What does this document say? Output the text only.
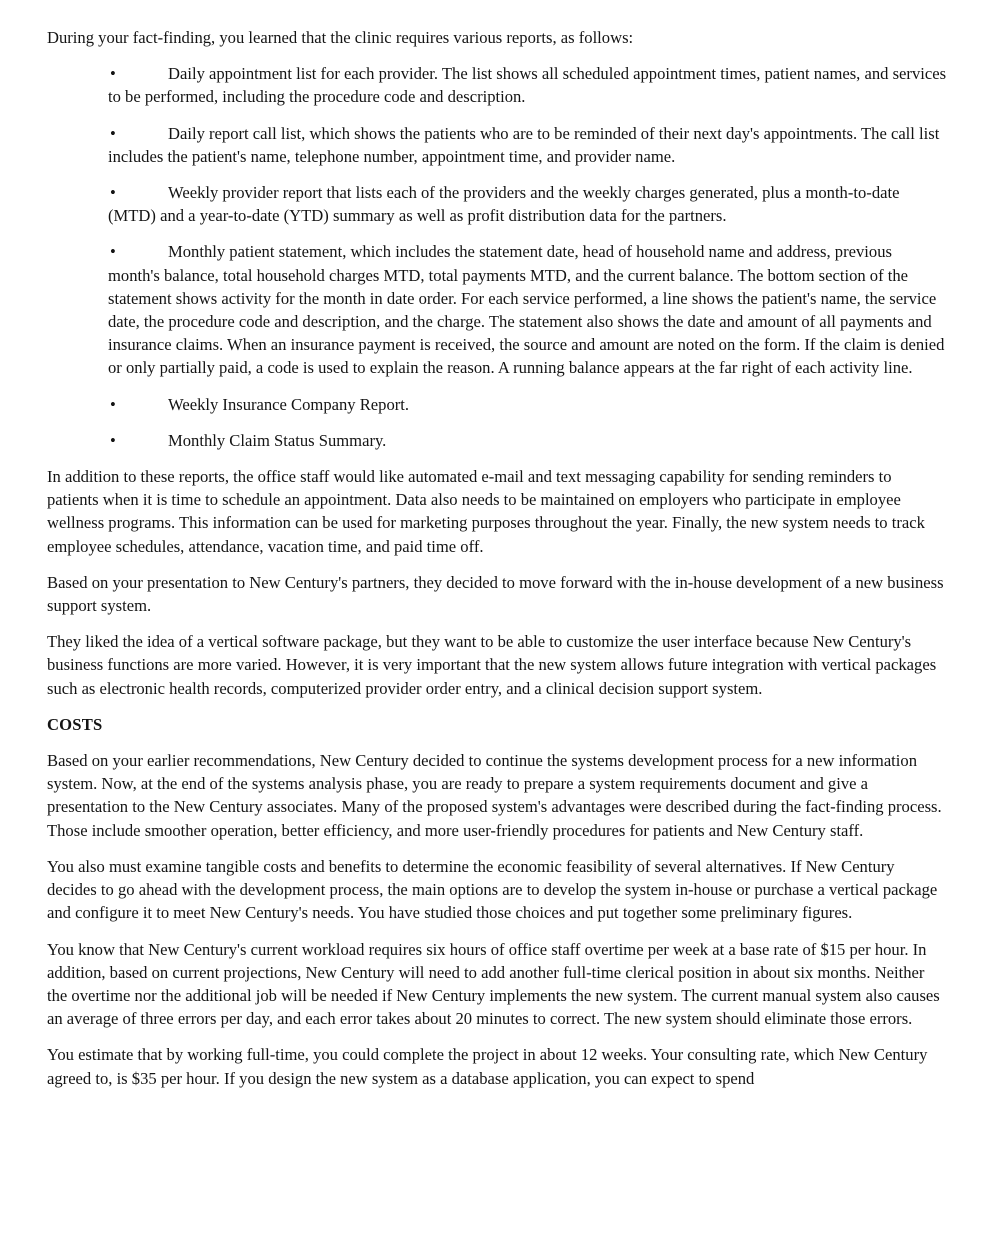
During your fact-finding, you learned that the clinic requires various reports, as follows:

•	Daily appointment list for each provider. The list shows all scheduled appointment times, patient names, and services to be performed, including the procedure code and description.
•	Daily report call list, which shows the patients who are to be reminded of their next day's appointments. The call list includes the patient's name, telephone number, appointment time, and provider name.
•	Weekly provider report that lists each of the providers and the weekly charges generated, plus a month-to-date (MTD) and a year-to-date (YTD) summary as well as profit distribution data for the partners.
•	Monthly patient statement, which includes the statement date, head of household name and address, previous month's balance, total household charges MTD, total payments MTD, and the current balance. The bottom section of the statement shows activity for the month in date order. For each service performed, a line shows the patient's name, the service date, the procedure code and description, and the charge. The statement also shows the date and amount of all payments and insurance claims. When an insurance payment is received, the source and amount are noted on the form. If the claim is denied or only partially paid, a code is used to explain the reason. A running balance appears at the far right of each activity line.
•	Weekly Insurance Company Report.
•	Monthly Claim Status Summary.

In addition to these reports, the office staff would like automated e-mail and text messaging capability for sending reminders to patients when it is time to schedule an appointment. Data also needs to be maintained on employers who participate in employee wellness programs. This information can be used for marketing purposes throughout the year. Finally, the new system needs to track employee schedules, attendance, vacation time, and paid time off.

Based on your presentation to New Century's partners, they decided to move forward with the in-house development of a new business support system.

They liked the idea of a vertical software package, but they want to be able to customize the user interface because New Century's business functions are more varied. However, it is very important that the new system allows future integration with vertical packages such as electronic health records, computerized provider order entry, and a clinical decision support system.

COSTS

Based on your earlier recommendations, New Century decided to continue the systems development process for a new information system. Now, at the end of the systems analysis phase, you are ready to prepare a system requirements document and give a presentation to the New Century associates. Many of the proposed system's advantages were described during the fact-finding process. Those include smoother operation, better efficiency, and more user-friendly procedures for patients and New Century staff.

You also must examine tangible costs and benefits to determine the economic feasibility of several alternatives. If New Century decides to go ahead with the development process, the main options are to develop the system in-house or purchase a vertical package and configure it to meet New Century's needs. You have studied those choices and put together some preliminary figures.

You know that New Century's current workload requires six hours of office staff overtime per week at a base rate of $15 per hour. In addition, based on current projections, New Century will need to add another full-time clerical position in about six months. Neither the overtime nor the additional job will be needed if New Century implements the new system. The current manual system also causes an average of three errors per day, and each error takes about 20 minutes to correct. The new system should eliminate those errors.

You estimate that by working full-time, you could complete the project in about 12 weeks. Your consulting rate, which New Century agreed to, is $35 per hour. If you design the new system as a database application, you can expect to spend
